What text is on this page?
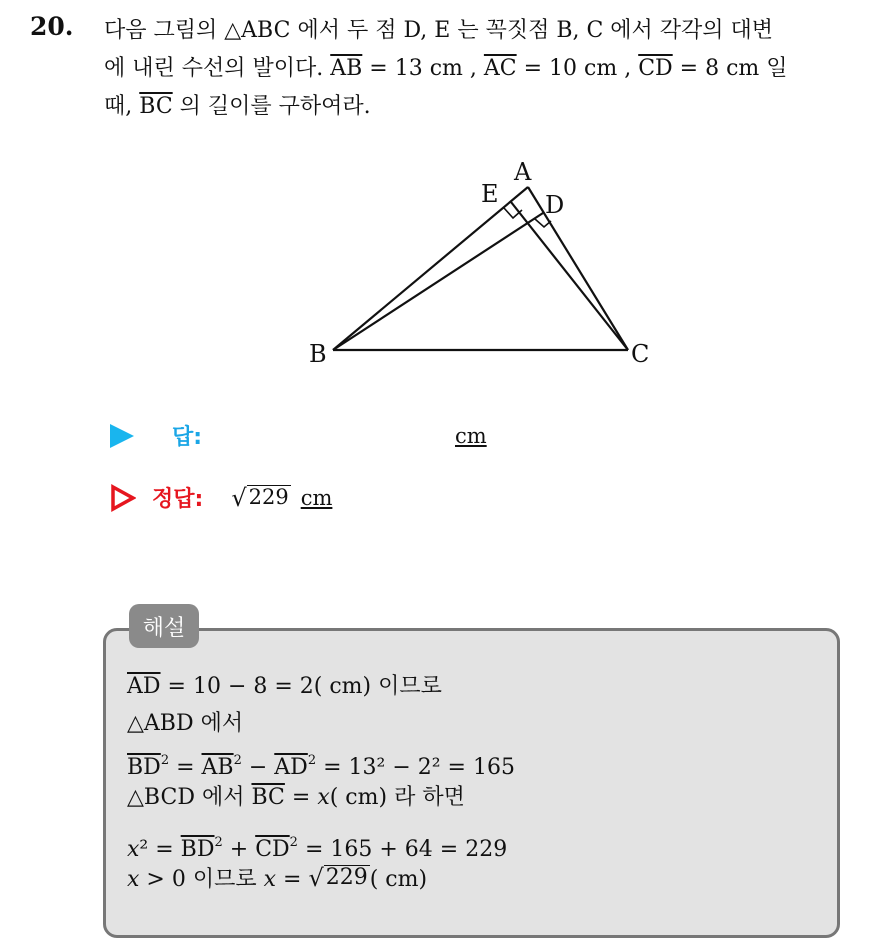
20. 다음 그림의 △ABC 에서 두 점 D, E 는 꼭짓점 B, C 에서 각각의 대변
에 내린 수선의 발이다. $\overline{AB} = 13$ cm , $\overline{AC} = 10$ cm , $\overline{CD} = 8$ cm 일
때, $\overline{BC}$ 의 길이를 구하여라.
A
E D
B	C
답:	cm
정답: √ 229 cm
해설
$\overline{AD} = 10 - 8 = 2$( cm) 이므로
△ABD 에서
$\overline{BD}^2 = \overline{AB}^2 - \overline{AD}^2 = 13^2 - 2^2 = 165$
△BCD 에서 $\overline{BC} = x$( cm) 라 하면
$x^2 = \overline{BD}^2 + \overline{CD}^2 = 165 + 64 = 229$
x > 0 이므로 x = √ 229 ( cm)
